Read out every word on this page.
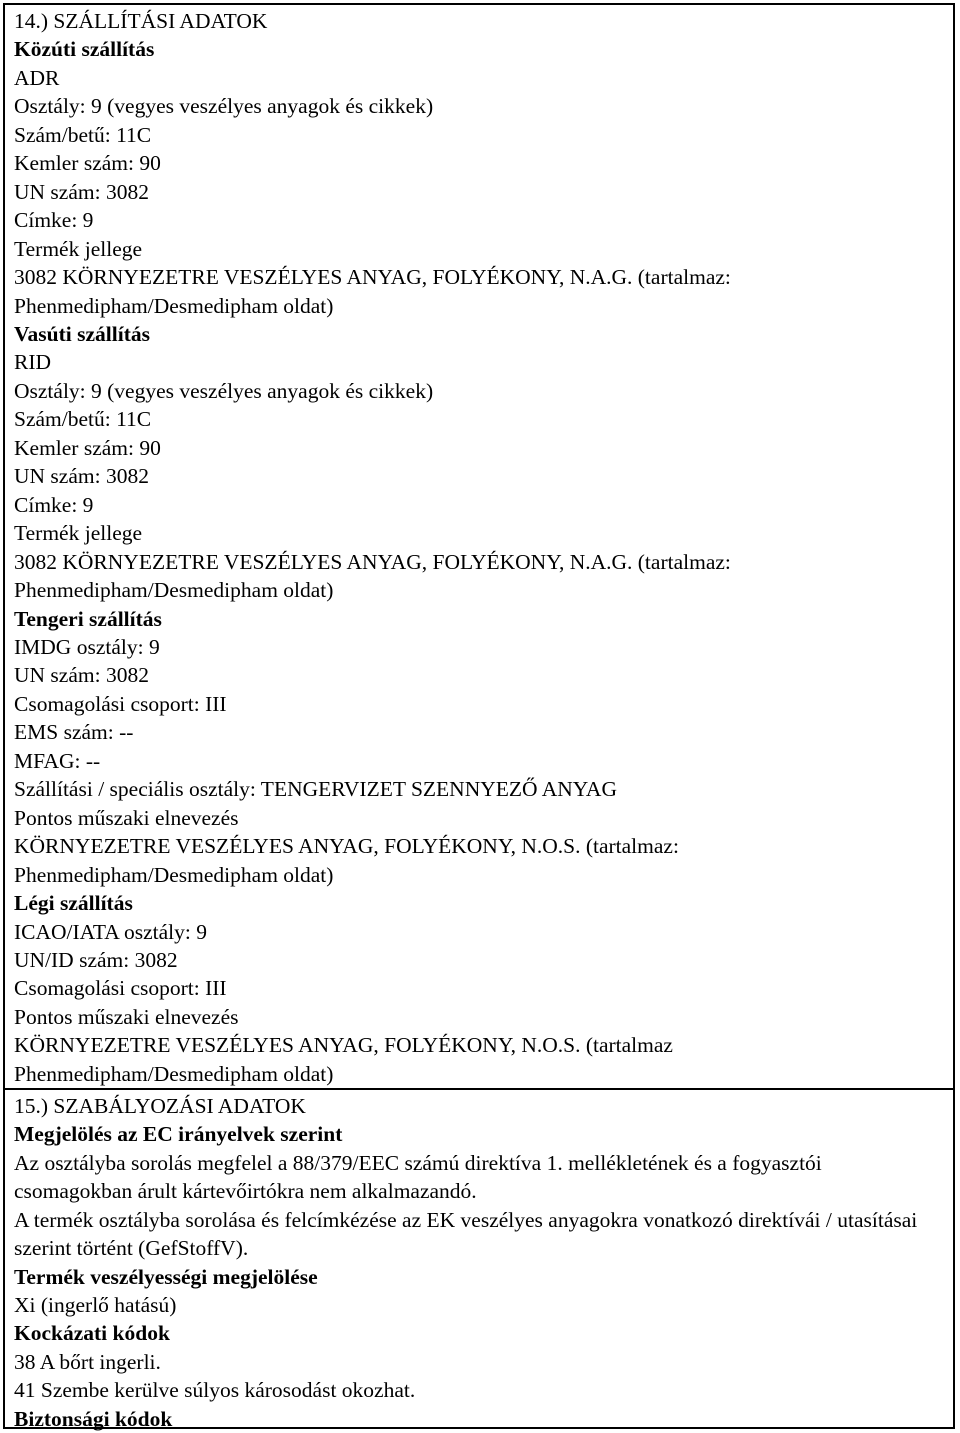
14.) SZÁLLÍTÁSI ADATOK

Közúti szállítás

ADR

Osztály: 9 (vegyes veszélyes anyagok és cikkek)

Szám/betű: 11C

Kemler szám: 90

UN szám: 3082

Címke: 9

Termék jellege

3082 KÖRNYEZETRE VESZÉLYES ANYAG, FOLYÉKONY, N.A.G. (tartalmaz:

Phenmedipham/Desmedipham oldat)

Vasúti szállítás

RID

Osztály: 9 (vegyes veszélyes anyagok és cikkek)

Szám/betű: 11C

Kemler szám: 90

UN szám: 3082

Címke: 9

Termék jellege

3082 KÖRNYEZETRE VESZÉLYES ANYAG, FOLYÉKONY, N.A.G. (tartalmaz:

Phenmedipham/Desmedipham oldat)

Tengeri szállítás

IMDG osztály: 9

UN szám: 3082

Csomagolási csoport: III

EMS szám: --

MFAG: --

Szállítási / speciális osztály: TENGERVIZET SZENNYEZŐ ANYAG

Pontos műszaki elnevezés

KÖRNYEZETRE VESZÉLYES ANYAG, FOLYÉKONY, N.O.S. (tartalmaz:

Phenmedipham/Desmedipham oldat)

Légi szállítás

ICAO/IATA osztály: 9

UN/ID szám: 3082

Csomagolási csoport: III

Pontos műszaki elnevezés

KÖRNYEZETRE VESZÉLYES ANYAG, FOLYÉKONY, N.O.S. (tartalmaz

Phenmedipham/Desmedipham oldat)

15.) SZABÁLYOZÁSI ADATOK

Megjelölés az EC irányelvek szerint

Az osztályba sorolás megfelel a 88/379/EEC számú direktíva 1. mellékletének és a fogyasztói csomagokban árult kártevőirtókra nem alkalmazandó.

A termék osztályba sorolása és felcímkézése az EK veszélyes anyagokra vonatkozó direktívái / utasításai szerint történt (GefStoffV).

Termék veszélyességi megjelölése

Xi (ingerlő hatású)

Kockázati kódok

38 A bőrt ingerli.

41 Szembe kerülve súlyos károsodást okozhat.

Biztonsági kódok
